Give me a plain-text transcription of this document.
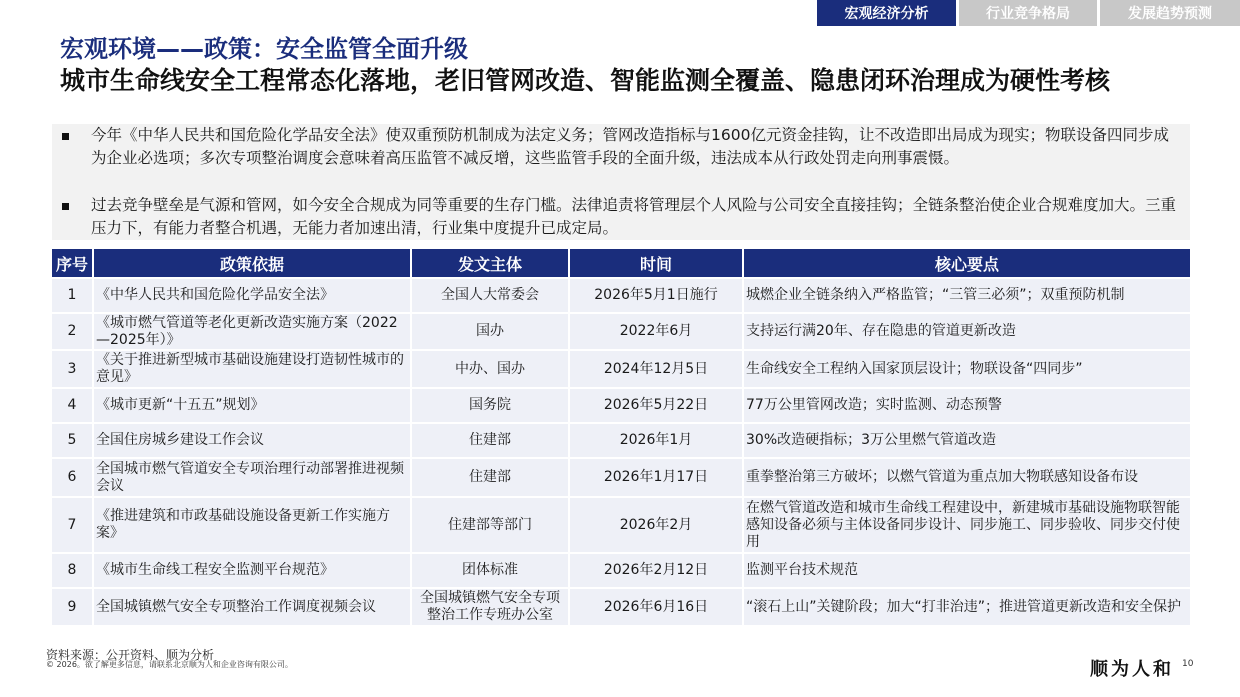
宏观经济分析	行业竞争格局	发展趋势预测
宏观环境——政策：安全监管全面升级
城市生命线安全工程常态化落地，老旧管网改造、智能监测全覆盖、隐患闭环治理成为硬性考核
今年《中华人民共和国危险化学品安全法》使双重预防机制成为法定义务；管网改造指标与1600亿元资金挂钩，让不改造即出局成为现实；物联设备四同步成为企业必选项；多次专项整治调度会意味着高压监管不减反增，这些监管手段的全面升级，违法成本从行政处罚走向刑事震慑。
过去竞争壁垒是气源和管网，如今安全合规成为同等重要的生存门槛。法律追责将管理层个人风险与公司安全直接挂钩；全链条整治使企业合规难度加大。三重压力下，有能力者整合机遇，无能力者加速出清，行业集中度提升已成定局。
序号	政策依据	发文主体	时间	核心要点
1	《中华人民共和国危险化学品安全法》	全国人大常委会	2026年5月1日施行	城燃企业全链条纳入严格监管；“三管三必须”；双重预防机制
2	《城市燃气管道等老化更新改造实施方案（2022—2025年）》	国办	2022年6月	支持运行满20年、存在隐患的管道更新改造
3	《关于推进新型城市基础设施建设打造韧性城市的意见》	中办、国办	2024年12月5日	生命线安全工程纳入国家顶层设计；物联设备“四同步”
4	《城市更新“十五五”规划》	国务院	2026年5月22日	77万公里管网改造；实时监测、动态预警
5	全国住房城乡建设工作会议	住建部	2026年1月	30%改造硬指标；3万公里燃气管道改造
6	全国城市燃气管道安全专项治理行动部署推进视频会议	住建部	2026年1月17日	重拳整治第三方破坏；以燃气管道为重点加大物联感知设备布设
7	《推进建筑和市政基础设施设备更新工作实施方案》	住建部等部门	2026年2月	在燃气管道改造和城市生命线工程建设中，新建城市基础设施物联智能感知设备必须与主体设备同步设计、同步施工、同步验收、同步交付使用
8	《城市生命线工程安全监测平台规范》	团体标准	2026年2月12日	监测平台技术规范
9	全国城镇燃气安全专项整治工作调度视频会议	全国城镇燃气安全专项整治工作专班办公室	2026年6月16日	“滚石上山”关键阶段；加大“打非治违”；推进管道更新改造和安全保护
资料来源：公开资料、顺为分析
© 2026。欲了解更多信息，请联系北京顺为人和企业咨询有限公司。	顺为人和 10
